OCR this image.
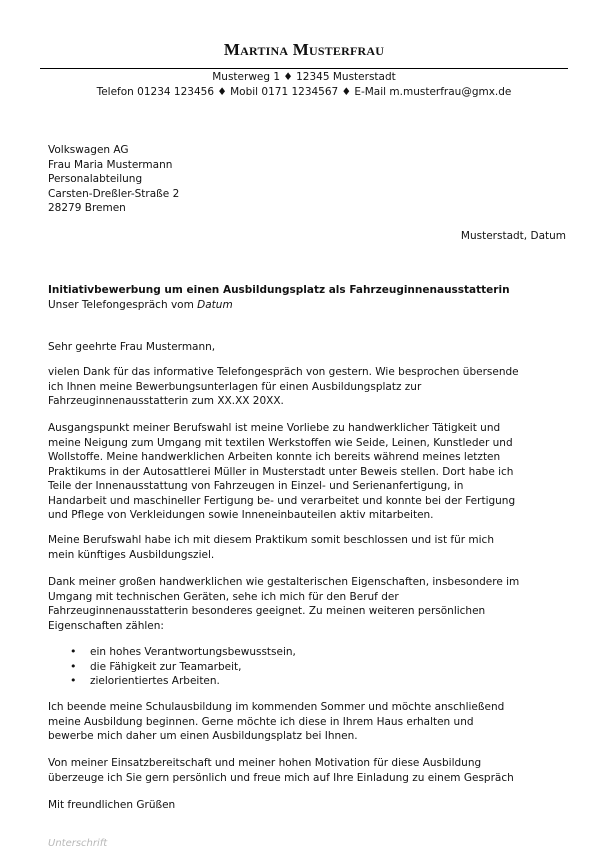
Martina Musterfrau
Musterweg 1 ♦ 12345 Musterstadt
Telefon 01234 123456 ♦ Mobil 0171 1234567 ♦ E-Mail m.musterfrau@gmx.de
Volkswagen AG
Frau Maria Mustermann
Personalabteilung
Carsten-Dreßler-Straße 2
28279 Bremen
Musterstadt, Datum
Initiativbewerbung um einen Ausbildungsplatz als Fahrzeuginnenausstatterin
Unser Telefongespräch vom Datum
Sehr geehrte Frau Mustermann,
vielen Dank für das informative Telefongespräch von gestern. Wie besprochen übersende
ich Ihnen meine Bewerbungsunterlagen für einen Ausbildungsplatz zur
Fahrzeuginnenausstatterin zum XX.XX 20XX.
Ausgangspunkt meiner Berufswahl ist meine Vorliebe zu handwerklicher Tätigkeit und
meine Neigung zum Umgang mit textilen Werkstoffen wie Seide, Leinen, Kunstleder und
Wollstoffe. Meine handwerklichen Arbeiten konnte ich bereits während meines letzten
Praktikums in der Autosattlerei Müller in Musterstadt unter Beweis stellen. Dort habe ich
Teile der Innenausstattung von Fahrzeugen in Einzel- und Serienanfertigung, in
Handarbeit und maschineller Fertigung be- und verarbeitet und konnte bei der Fertigung
und Pflege von Verkleidungen sowie Inneneinbauteilen aktiv mitarbeiten.
Meine Berufswahl habe ich mit diesem Praktikum somit beschlossen und ist für mich
mein künftiges Ausbildungsziel.
Dank meiner großen handwerklichen wie gestalterischen Eigenschaften, insbesondere im
Umgang mit technischen Geräten, sehe ich mich für den Beruf der
Fahrzeuginnenausstatterin besonderes geeignet. Zu meinen weiteren persönlichen
Eigenschaften zählen:
• ein hohes Verantwortungsbewusstsein,
• die Fähigkeit zur Teamarbeit,
• zielorientiertes Arbeiten.
Ich beende meine Schulausbildung im kommenden Sommer und möchte anschließend
meine Ausbildung beginnen. Gerne möchte ich diese in Ihrem Haus erhalten und
bewerbe mich daher um einen Ausbildungsplatz bei Ihnen.
Von meiner Einsatzbereitschaft und meiner hohen Motivation für diese Ausbildung
überzeuge ich Sie gern persönlich und freue mich auf Ihre Einladung zu einem Gespräch
Mit freundlichen Grüßen
Unterschrift
